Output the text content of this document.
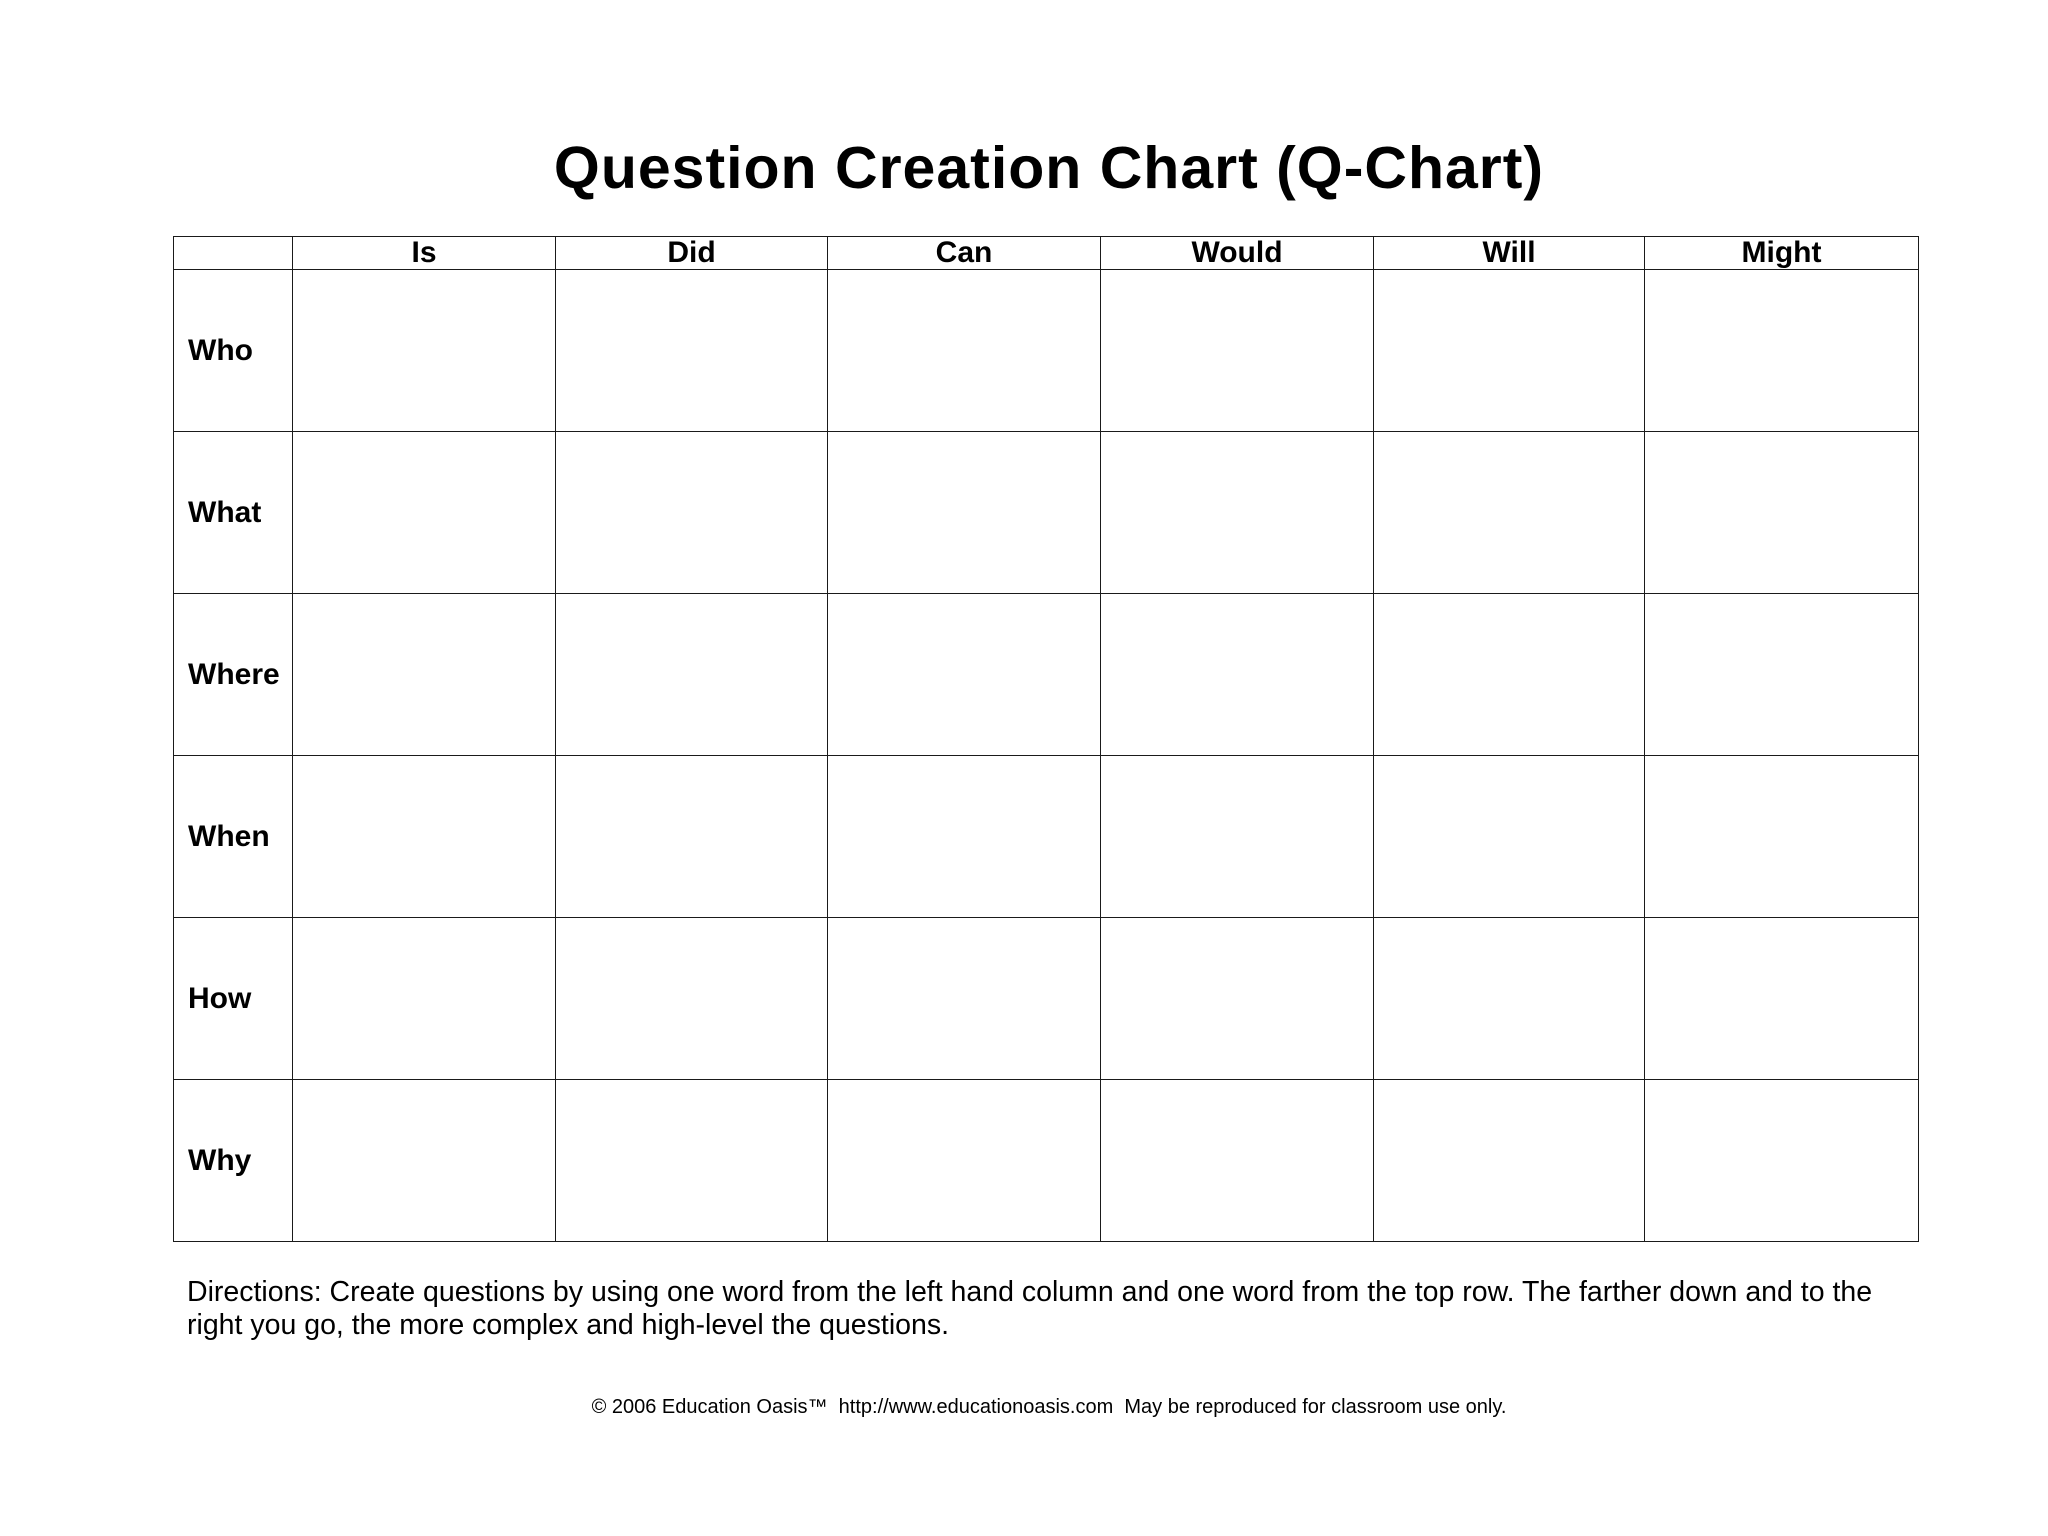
Question Creation Chart (Q-Chart)
	Is	Did	Can	Would	Will	Might
Who						
What						
Where						
When						
How						
Why						
Directions: Create questions by using one word from the left hand column and one word from the top row. The farther down and to the right you go, the more complex and high-level the questions.
© 2006 Education Oasis™  http://www.educationoasis.com  May be reproduced for classroom use only.
